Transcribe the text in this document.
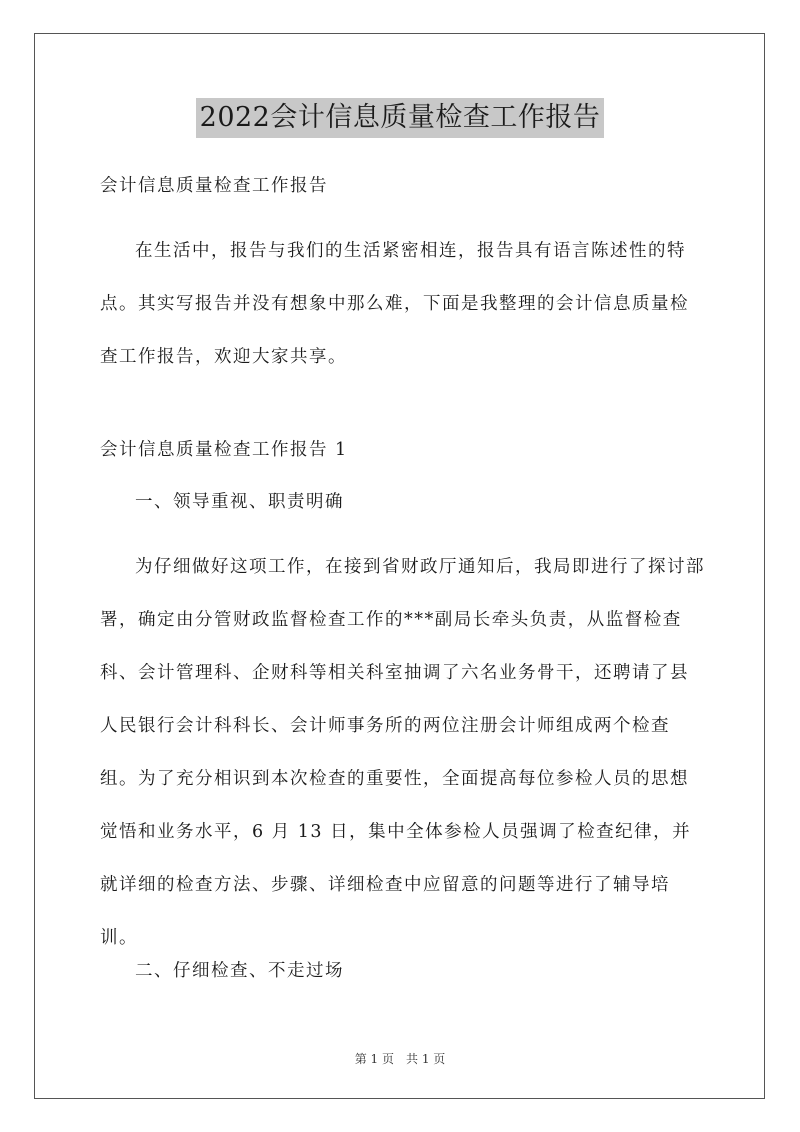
2022会计信息质量检查工作报告

会计信息质量检查工作报告

在生活中，报告与我们的生活紧密相连，报告具有语言陈述性的特点。其实写报告并没有想象中那么难，下面是我整理的会计信息质量检查工作报告，欢迎大家共享。

会计信息质量检查工作报告 1

一、领导重视、职责明确

为仔细做好这项工作，在接到省财政厅通知后，我局即进行了探讨部署，确定由分管财政监督检查工作的***副局长牵头负责，从监督检查科、会计管理科、企财科等相关科室抽调了六名业务骨干，还聘请了县人民银行会计科科长、会计师事务所的两位注册会计师组成两个检查组。为了充分相识到本次检查的重要性，全面提高每位参检人员的思想觉悟和业务水平，6 月 13 日，集中全体参检人员强调了检查纪律，并就详细的检查方法、步骤、详细检查中应留意的问题等进行了辅导培训。

二、仔细检查、不走过场

第 1 页　共 1 页
